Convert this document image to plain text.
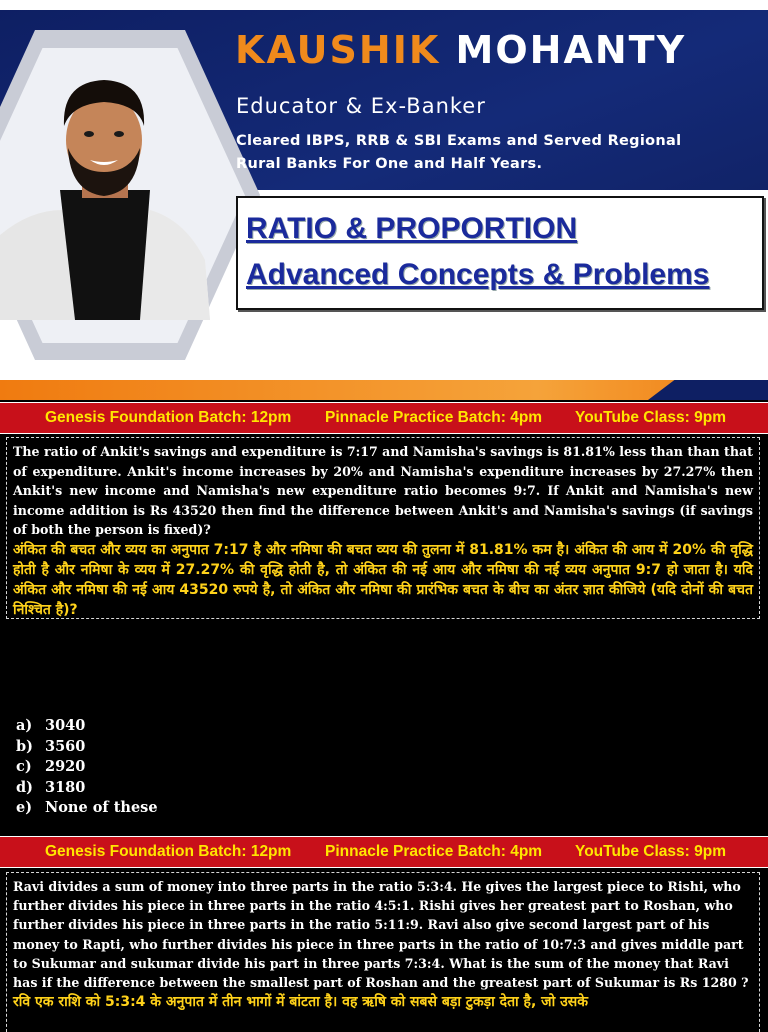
KAUSHIK MOHANTY
Educator & Ex-Banker
Cleared IBPS, RRB & SBI Exams and Served Regional
Rural Banks For One and Half Years.
RATIO & PROPORTION
Advanced Concepts & Problems
Genesis Foundation Batch: 12pm Pinnacle Practice Batch: 4pm YouTube Class: 9pm

The ratio of Ankit's savings and expenditure is 7:17 and Namisha's savings is 81.81% less than than that of expenditure. Ankit's income increases by 20% and Namisha's expenditure increases by 27.27% then Ankit's new income and Namisha's new expenditure ratio becomes 9:7. If Ankit and Namisha's new income addition is Rs 43520 then find the difference between Ankit's and Namisha's savings (if savings of both the person is fixed)?

अंकित की बचत और व्यय का अनुपात 7:17 है और नमिषा की बचत व्यय की तुलना में 81.81% कम है। अंकित की आय में 20% की वृद्धि होती है और नमिषा के व्यय में 27.27% की वृद्धि होती है, तो अंकित की नई आय और नमिषा की नई व्यय अनुपात 9:7 हो जाता है। यदि अंकित और नमिषा की नई आय 43520 रुपये है, तो अंकित और नमिषा की प्रारंभिक बचत के बीच का अंतर ज्ञात कीजिये (यदि दोनों की बचत निश्चित है)?

a) 3040
b) 3560
c) 2920
d) 3180
e) None of these
Genesis Foundation Batch: 12pm Pinnacle Practice Batch: 4pm YouTube Class: 9pm

Ravi divides a sum of money into three parts in the ratio 5:3:4. He gives the largest piece to Rishi, who further divides his piece in three parts in the ratio 4:5:1. Rishi gives her greatest part to Roshan, who further divides his piece in three parts in the ratio 5:11:9. Ravi also give second largest part of his money to Rapti, who further divides his piece in three parts in the ratio of 10:7:3 and gives middle part to Sukumar and sukumar divide his part in three parts 7:3:4. What is the sum of the money that Ravi has if the difference between the smallest part of Roshan and the greatest part of Sukumar is Rs 1280 ?

रवि एक राशि को 5:3:4 के अनुपात में तीन भागों में बांटता है। वह ऋषि को सबसे बड़ा टुकड़ा देता है, जो उसके
